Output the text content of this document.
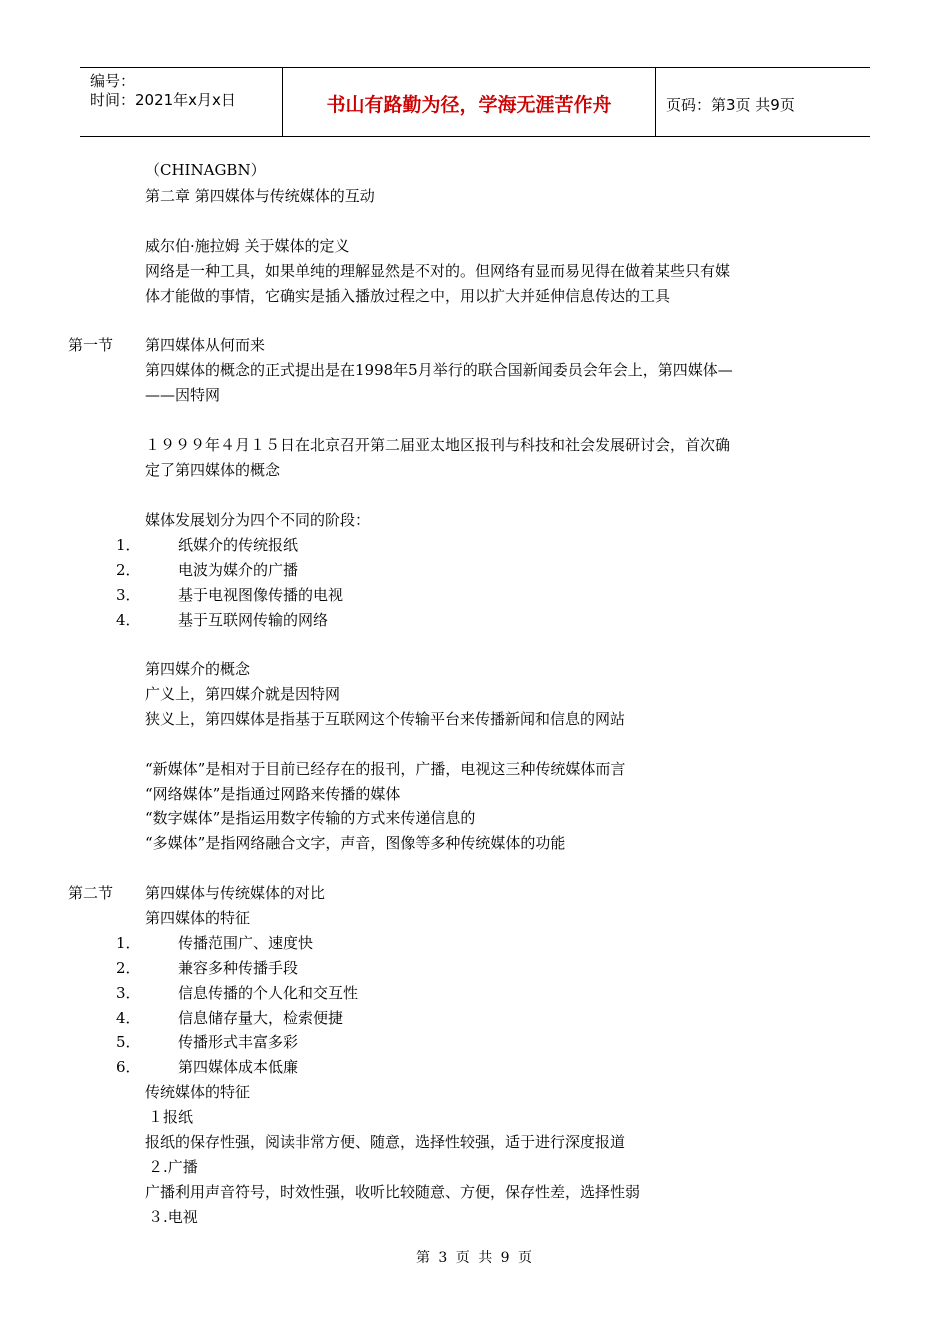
编号：
时间：2021年x月x日	书山有路勤为径，学海无涯苦作舟	页码：第3页 共9页
（CHINAGBN）
第二章 第四媒体与传统媒体的互动
威尔伯·施拉姆 关于媒体的定义
网络是一种工具，如果单纯的理解显然是不对的。但网络有显而易见得在做着某些只有媒
体才能做的事情，它确实是插入播放过程之中，用以扩大并延伸信息传达的工具
第一节 第四媒体从何而来
第四媒体的概念的正式提出是在1998年5月举行的联合国新闻委员会年会上，第四媒体—
——因特网
１９９９年４月１５日在北京召开第二届亚太地区报刊与科技和社会发展研讨会，首次确
定了第四媒体的概念
媒体发展划分为四个不同的阶段：
1． 纸媒介的传统报纸
2． 电波为媒介的广播
3． 基于电视图像传播的电视
4． 基于互联网传输的网络
第四媒介的概念
广义上，第四媒介就是因特网
狭义上，第四媒体是指基于互联网这个传输平台来传播新闻和信息的网站
“新媒体”是相对于目前已经存在的报刊，广播，电视这三种传统媒体而言
“网络媒体”是指通过网路来传播的媒体
“数字媒体”是指运用数字传输的方式来传递信息的
“多媒体”是指网络融合文字，声音，图像等多种传统媒体的功能
第二节 第四媒体与传统媒体的对比
第四媒体的特征
1． 传播范围广、速度快
2． 兼容多种传播手段
3． 信息传播的个人化和交互性
4． 信息储存量大，检索便捷
5． 传播形式丰富多彩
6． 第四媒体成本低廉
传统媒体的特征
１报纸
报纸的保存性强，阅读非常方便、随意，选择性较强，适于进行深度报道
２.广播
广播利用声音符号，时效性强，收听比较随意、方便，保存性差，选择性弱
３.电视
第 3 页 共 9 页
